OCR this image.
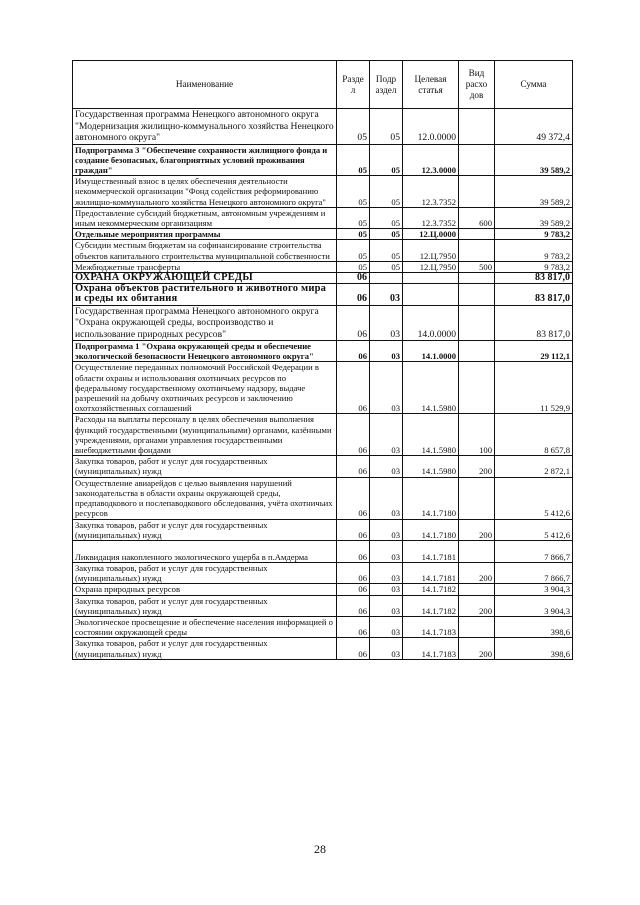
Наименование	Разде л	Подр аздел	Целевая статья	Вид расхо дов	Сумма
Государственная программа Ненецкого автономного округа "Модернизация жилищно-коммунального хозяйства Ненецкого автономного округа"	05	05	12.0.0000		49 372,4
Подпрограмма 3 "Обеспечение сохранности жилищного фонда и создание безопасных, благоприятных условий проживания граждан"	05	05	12.3.0000		39 589,2
Имущественный взнос в целях обеспечения деятельности некоммерческой организации "Фонд содействия реформированию жилищно-коммунального хозяйства Ненецкого автономного округа"	05	05	12.3.7352		39 589,2
Предоставление субсидий бюджетным, автономным учреждениям и иным некоммерческим организациям	05	05	12.3.7352	600	39 589,2
Отдельные мероприятия программы	05	05	12.Ц.0000		9 783,2
Субсидии местным бюджетам на софинансирование строительства объектов капитального строительства муниципальной собственности	05	05	12.Ц.7950		9 783,2
Межбюджетные трансферты	05	05	12.Ц.7950	500	9 783,2
ОХРАНА ОКРУЖАЮЩЕЙ СРЕДЫ	06				83 817,0
Охрана объектов растительного и животного мира и среды их обитания	06	03			83 817,0
Государственная программа Ненецкого автономного округа "Охрана окружающей среды, воспроизводство и использование природных ресурсов"	06	03	14.0.0000		83 817,0
Подпрограмма 1 "Охрана окружающей среды и обеспечение экологической безопасности Ненецкого автономного округа"	06	03	14.1.0000		29 112,1
Осуществление переданных полномочий Российской Федерации в области охраны и использования охотничьих ресурсов по федеральному государственному охотничьему надзору, выдаче разрешений на добычу охотничьих ресурсов и заключению охотхозяйственных соглашений	06	03	14.1.5980		11 529,9
Расходы на выплаты персоналу в целях обеспечения выполнения функций государственными (муниципальными) органами, казёнными учреждениями, органами управления государственными внебюджетными фондами	06	03	14.1.5980	100	8 657,8
Закупка товаров, работ и услуг для государственных (муниципальных) нужд	06	03	14.1.5980	200	2 872,1
Осуществление авиарейдов с целью выявления нарушений законодательства в области охраны окружающей среды, предпаводкового и послепаводкового обследования, учёта охотничьих ресурсов	06	03	14.1.7180		5 412,6
Закупка товаров, работ и услуг для государственных (муниципальных) нужд	06	03	14.1.7180	200	5 412,6
Ликвидация накопленного экологического ущерба в п.Амдерма	06	03	14.1.7181		7 866,7
Закупка товаров, работ и услуг для государственных (муниципальных) нужд	06	03	14.1.7181	200	7 866,7
Охрана природных ресурсов	06	03	14.1.7182		3 904,3
Закупка товаров, работ и услуг для государственных (муниципальных) нужд	06	03	14.1.7182	200	3 904,3
Экологическое просвещение и обеспечение населения информацией о состоянии окружающей среды	06	03	14.1.7183		398,6
Закупка товаров, работ и услуг для государственных (муниципальных) нужд	06	03	14.1.7183	200	398,6
28
